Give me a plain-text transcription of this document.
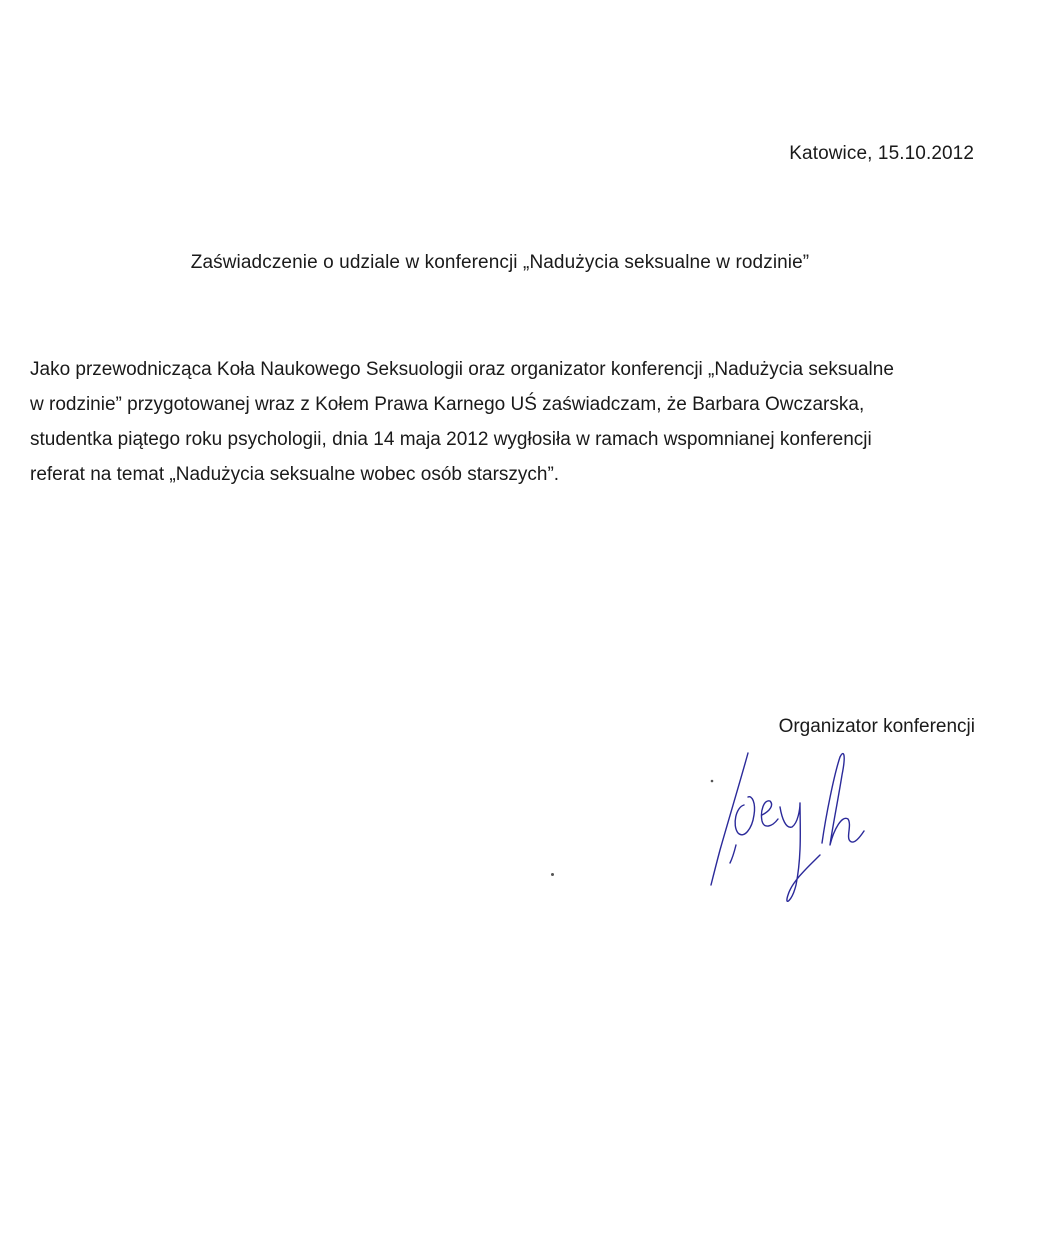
Katowice, 15.10.2012
Zaświadczenie o udziale w konferencji „Nadużycia seksualne w rodzinie”
Jako przewodnicząca Koła Naukowego Seksuologii oraz organizator konferencji „Nadużycia seksualne
w rodzinie” przygotowanej wraz z Kołem Prawa Karnego UŚ zaświadczam, że Barbara Owczarska,
studentka piątego roku psychologii, dnia 14 maja 2012 wygłosiła w ramach wspomnianej konferencji
referat na temat „Nadużycia seksualne wobec osób starszych”.
Organizator konferencji
